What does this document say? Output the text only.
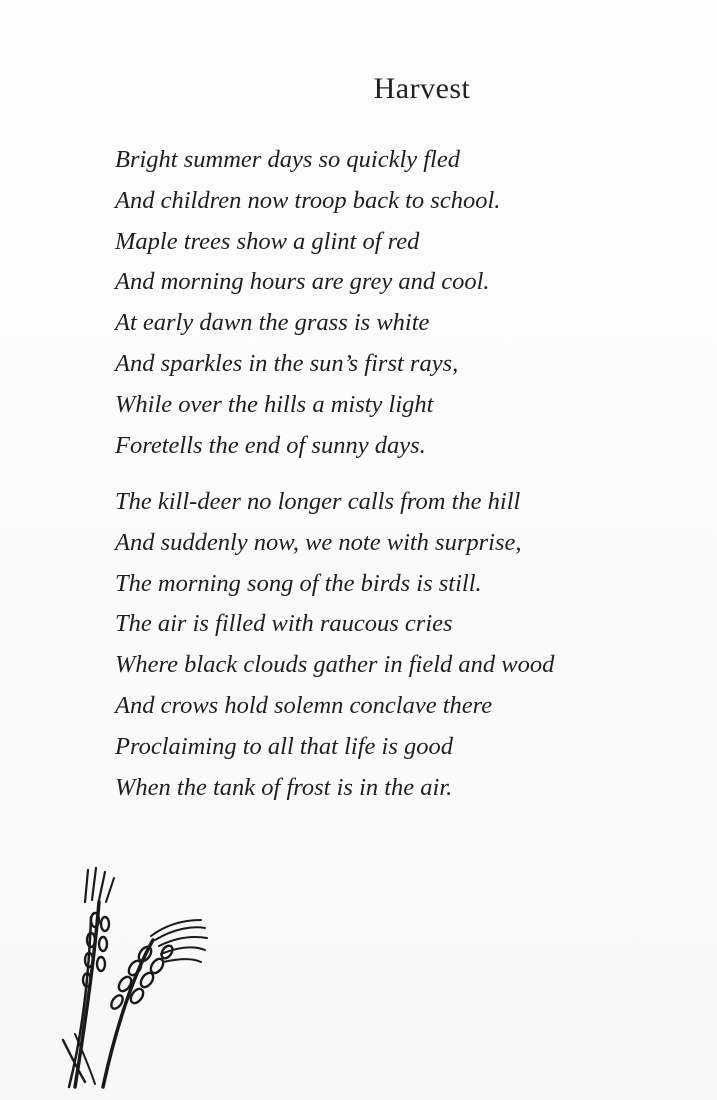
Harvest
Bright summer days so quickly fled
And children now troop back to school.
Maple trees show a glint of red
And morning hours are grey and cool.
At early dawn the grass is white
And sparkles in the sun’s first rays,
While over the hills a misty light
Foretells the end of sunny days.
The kill-deer no longer calls from the hill
And suddenly now, we note with surprise,
The morning song of the birds is still.
The air is filled with raucous cries
Where black clouds gather in field and wood
And crows hold solemn conclave there
Proclaiming to all that life is good
When the tank of frost is in the air.
